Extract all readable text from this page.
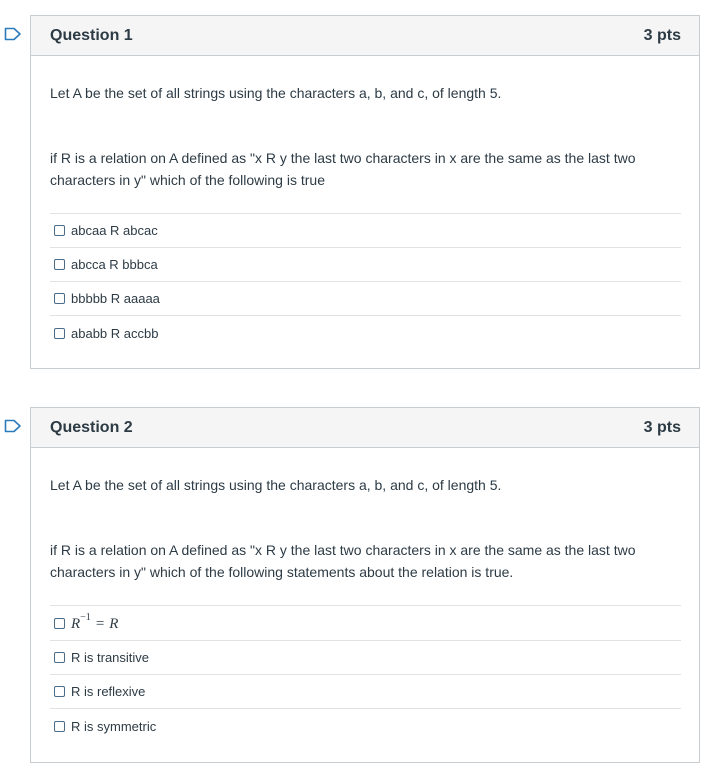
Question 1	3 pts

Let A be the set of all strings using the characters a, b, and c, of length 5.

if R is a relation on A defined as "x R y the last two characters in x are the same as the last two characters in y" which of the following is true

abcaa R abcac
abcca R bbbca
bbbbb R aaaaa
ababb R accbb
Question 2	3 pts

Let A be the set of all strings using the characters a, b, and c, of length 5.

if R is a relation on A defined as "x R y the last two characters in x are the same as the last two characters in y" which of the following statements about the relation is true.

$R^{-1} = R$
R is transitive
R is reflexive
R is symmetric
